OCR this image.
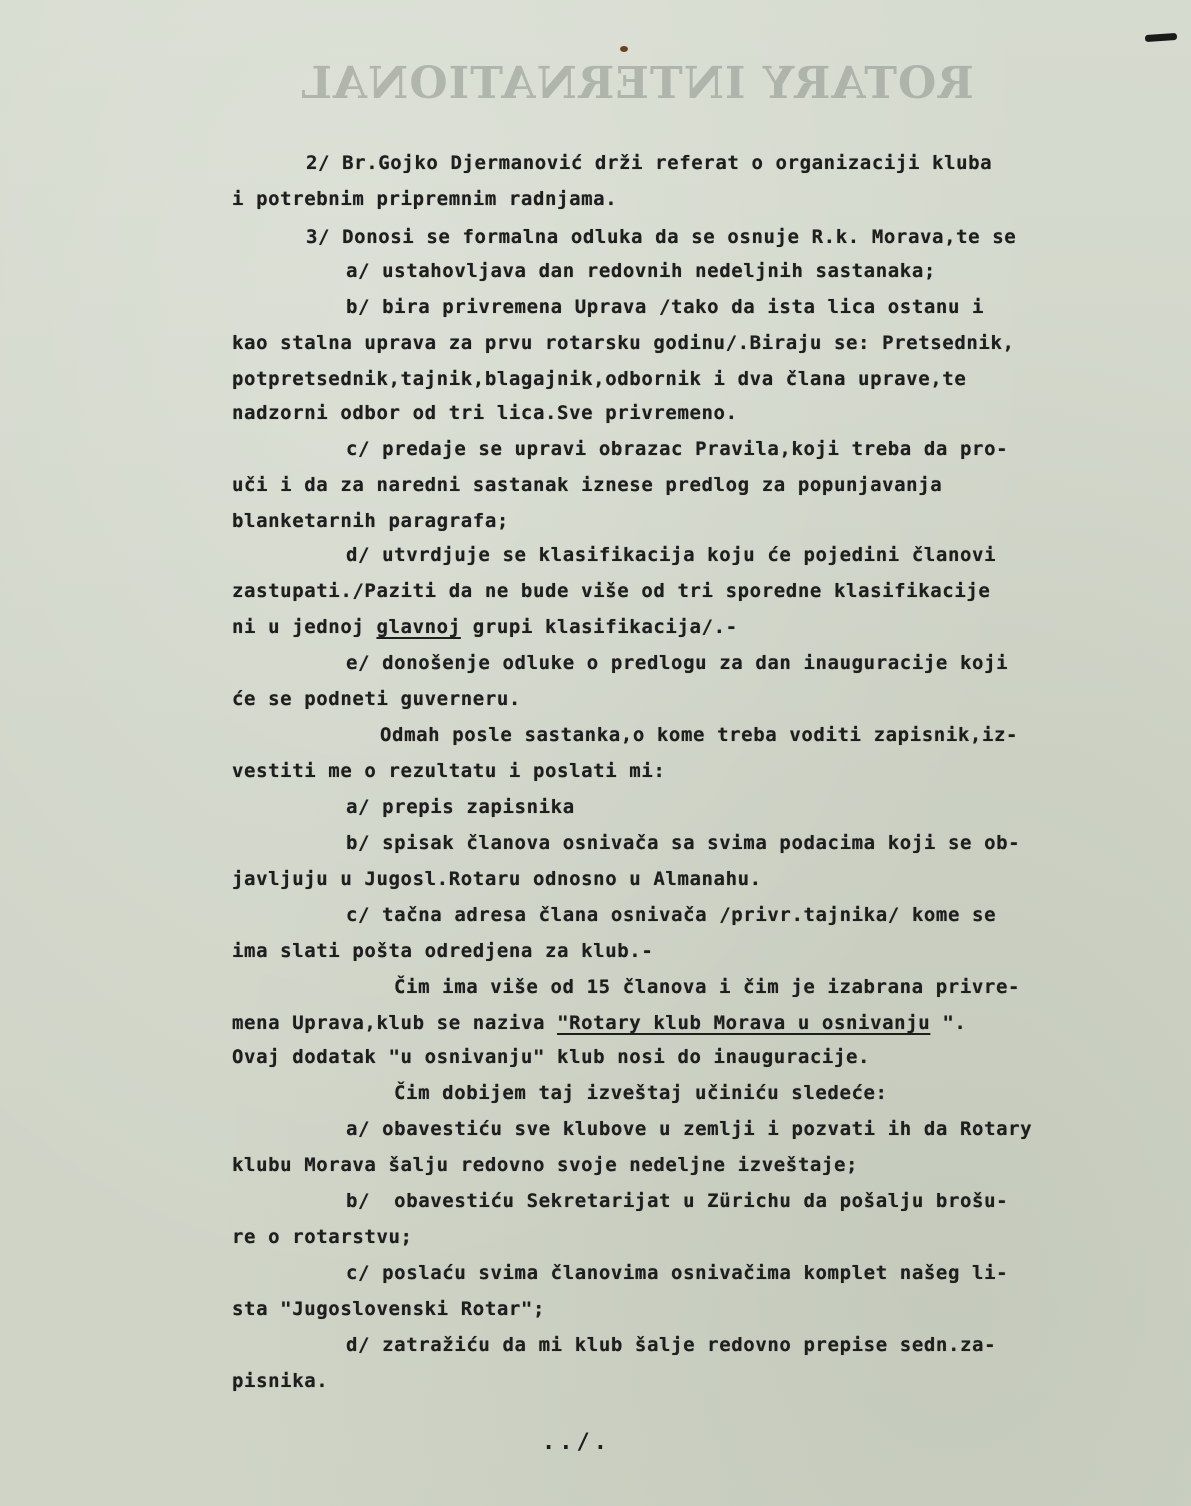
ROTARY INTERNATIONAL
2/ Br.Gojko Djermanović drži referat o organizaciji kluba
i potrebnim pripremnim radnjama.
3/ Donosi se formalna odluka da se osnuje R.k. Morava,te se
a/ ustahovljava dan redovnih nedeljnih sastanaka;
b/ bira privremena Uprava /tako da ista lica ostanu i
kao stalna uprava za prvu rotarsku godinu/.Biraju se: Pretsednik,
potpretsednik,tajnik,blagajnik,odbornik i dva člana uprave,te
nadzorni odbor od tri lica.Sve privremeno.
c/ predaje se upravi obrazac Pravila,koji treba da pro-
uči i da za naredni sastanak iznese predlog za popunjavanja
blanketarnih paragrafa;
d/ utvrdjuje se klasifikacija koju će pojedini članovi
zastupati./Paziti da ne bude više od tri sporedne klasifikacije
ni u jednoj glavnoj grupi klasifikacija/.-
e/ donošenje odluke o predlogu za dan inauguracije koji
će se podneti guverneru.
Odmah posle sastanka,o kome treba voditi zapisnik,iz-
vestiti me o rezultatu i poslati mi:
a/ prepis zapisnika
b/ spisak članova osnivača sa svima podacima koji se ob-
javljuju u Jugosl.Rotaru odnosno u Almanahu.
c/ tačna adresa člana osnivača /privr.tajnika/ kome se
ima slati pošta odredjena za klub.-
Čim ima više od 15 članova i čim je izabrana privre-
mena Uprava,klub se naziva "Rotary klub Morava u osnivanju ".
Ovaj dodatak "u osnivanju" klub nosi do inauguracije.
Čim dobijem taj izveštaj učiniću sledeće:
a/ obavestiću sve klubove u zemlji i pozvati ih da Rotary
klubu Morava šalju redovno svoje nedeljne izveštaje;
b/  obavestiću Sekretarijat u Zürichu da pošalju brošu-
re o rotarstvu;
c/ poslaću svima članovima osnivačima komplet našeg li-
sta "Jugoslovenski Rotar";
d/ zatražiću da mi klub šalje redovno prepise sedn.za-
pisnika.
../.
